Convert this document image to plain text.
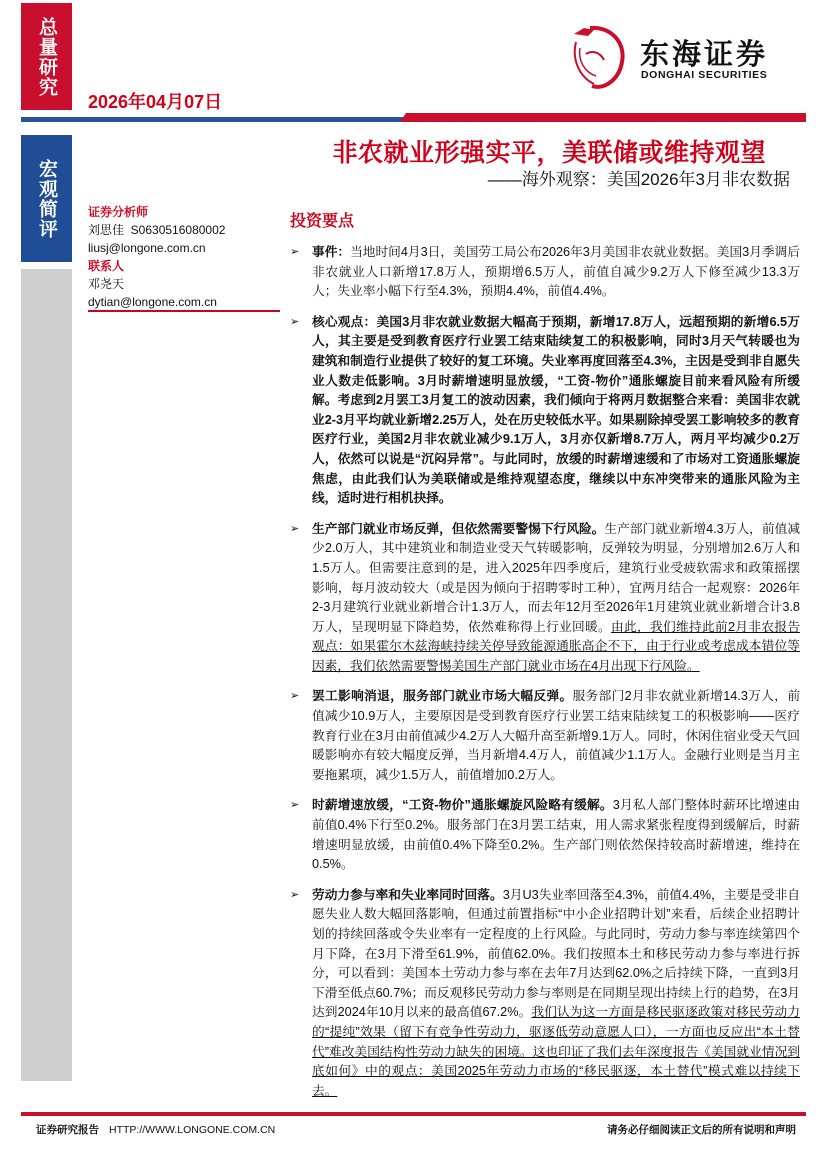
总量研究
2026年04月07日
东海证券
DONGHAI SECURITIES
宏观简评
非农就业形强实平，美联储或维持观望
——海外观察：美国2026年3月非农数据
证券分析师
刘思佳  S0630516080002
liusj@longone.com.cn
联系人
邓尧天
dytian@longone.com.cn
投资要点
➢ 事件：当地时间4月3日，美国劳工局公布2026年3月美国非农就业数据。美国3月季调后非农就业人口新增17.8万人，预期增6.5万人，前值自减少9.2万人下修至减少13.3万人；失业率小幅下行至4.3%，预期4.4%，前值4.4%。
➢ 核心观点：美国3月非农就业数据大幅高于预期，新增17.8万人，远超预期的新增6.5万人，其主要是受到教育医疗行业罢工结束陆续复工的积极影响，同时3月天气转暖也为建筑和制造行业提供了较好的复工环境。失业率再度回落至4.3%，主因是受到非自愿失业人数走低影响。3月时薪增速明显放缓，“工资-物价”通胀螺旋目前来看风险有所缓解。考虑到2月罢工3月复工的波动因素，我们倾向于将两月数据整合来看：美国非农就业2-3月平均就业新增2.25万人，处在历史较低水平。如果剔除掉受罢工影响较多的教育医疗行业，美国2月非农就业减少9.1万人，3月亦仅新增8.7万人，两月平均减少0.2万人，依然可以说是“沉闷异常”。与此同时，放缓的时薪增速缓和了市场对工资通胀螺旋焦虑，由此我们认为美联储或是维持观望态度，继续以中东冲突带来的通胀风险为主线，适时进行相机抉择。
➢ 生产部门就业市场反弹，但依然需要警惕下行风险。生产部门就业新增4.3万人，前值减少2.0万人，其中建筑业和制造业受天气转暖影响，反弹较为明显，分别增加2.6万人和1.5万人。但需要注意到的是，进入2025年四季度后，建筑行业受疲软需求和政策摇摆影响，每月波动较大（或是因为倾向于招聘零时工种），宜两月结合一起观察：2026年2-3月建筑行业就业新增合计1.3万人，而去年12月至2026年1月建筑业就业新增合计3.8万人，呈现明显下降趋势，依然难称得上行业回暖。由此，我们维持此前2月非农报告观点：如果霍尔木兹海峡持续关停导致能源通胀高企不下，由于行业或考虑成本错位等因素，我们依然需要警惕美国生产部门就业市场在4月出现下行风险。
➢ 罢工影响消退，服务部门就业市场大幅反弹。服务部门2月非农就业新增14.3万人，前值减少10.9万人，主要原因是受到教育医疗行业罢工结束陆续复工的积极影响——医疗教育行业在3月由前值减少4.2万人大幅升高至新增9.1万人。同时，休闲住宿业受天气回暖影响亦有较大幅度反弹，当月新增4.4万人，前值减少1.1万人。金融行业则是当月主要拖累项，减少1.5万人，前值增加0.2万人。
➢ 时薪增速放缓，“工资-物价”通胀螺旋风险略有缓解。3月私人部门整体时薪环比增速由前值0.4%下行至0.2%。服务部门在3月罢工结束，用人需求紧张程度得到缓解后，时薪增速明显放缓，由前值0.4%下降至0.2%。生产部门则依然保持较高时薪增速，维持在0.5%。
➢ 劳动力参与率和失业率同时回落。3月U3失业率回落至4.3%，前值4.4%，主要是受非自愿失业人数大幅回落影响，但通过前置指标“中小企业招聘计划”来看，后续企业招聘计划的持续回落或令失业率有一定程度的上行风险。与此同时，劳动力参与率连续第四个月下降，在3月下滑至61.9%，前值62.0%。我们按照本土和移民劳动力参与率进行拆分，可以看到：美国本土劳动力参与率在去年7月达到62.0%之后持续下降，一直到3月下滑至低点60.7%；而反观移民劳动力参与率则是在同期呈现出持续上行的趋势，在3月达到2024年10月以来的最高值67.2%。我们认为这一方面是移民驱逐政策对移民劳动力的“提纯”效果（留下有竞争性劳动力，驱逐低劳动意愿人口），一方面也反应出“本土替代”难改美国结构性劳动力缺失的困境。这也印证了我们去年深度报告《美国就业情况到底如何》中的观点：美国2025年劳动力市场的“移民驱逐，本土替代”模式难以持续下去。
证券研究报告 HTTP://WWW.LONGONE.COM.CN	请务必仔细阅读正文后的所有说明和声明
